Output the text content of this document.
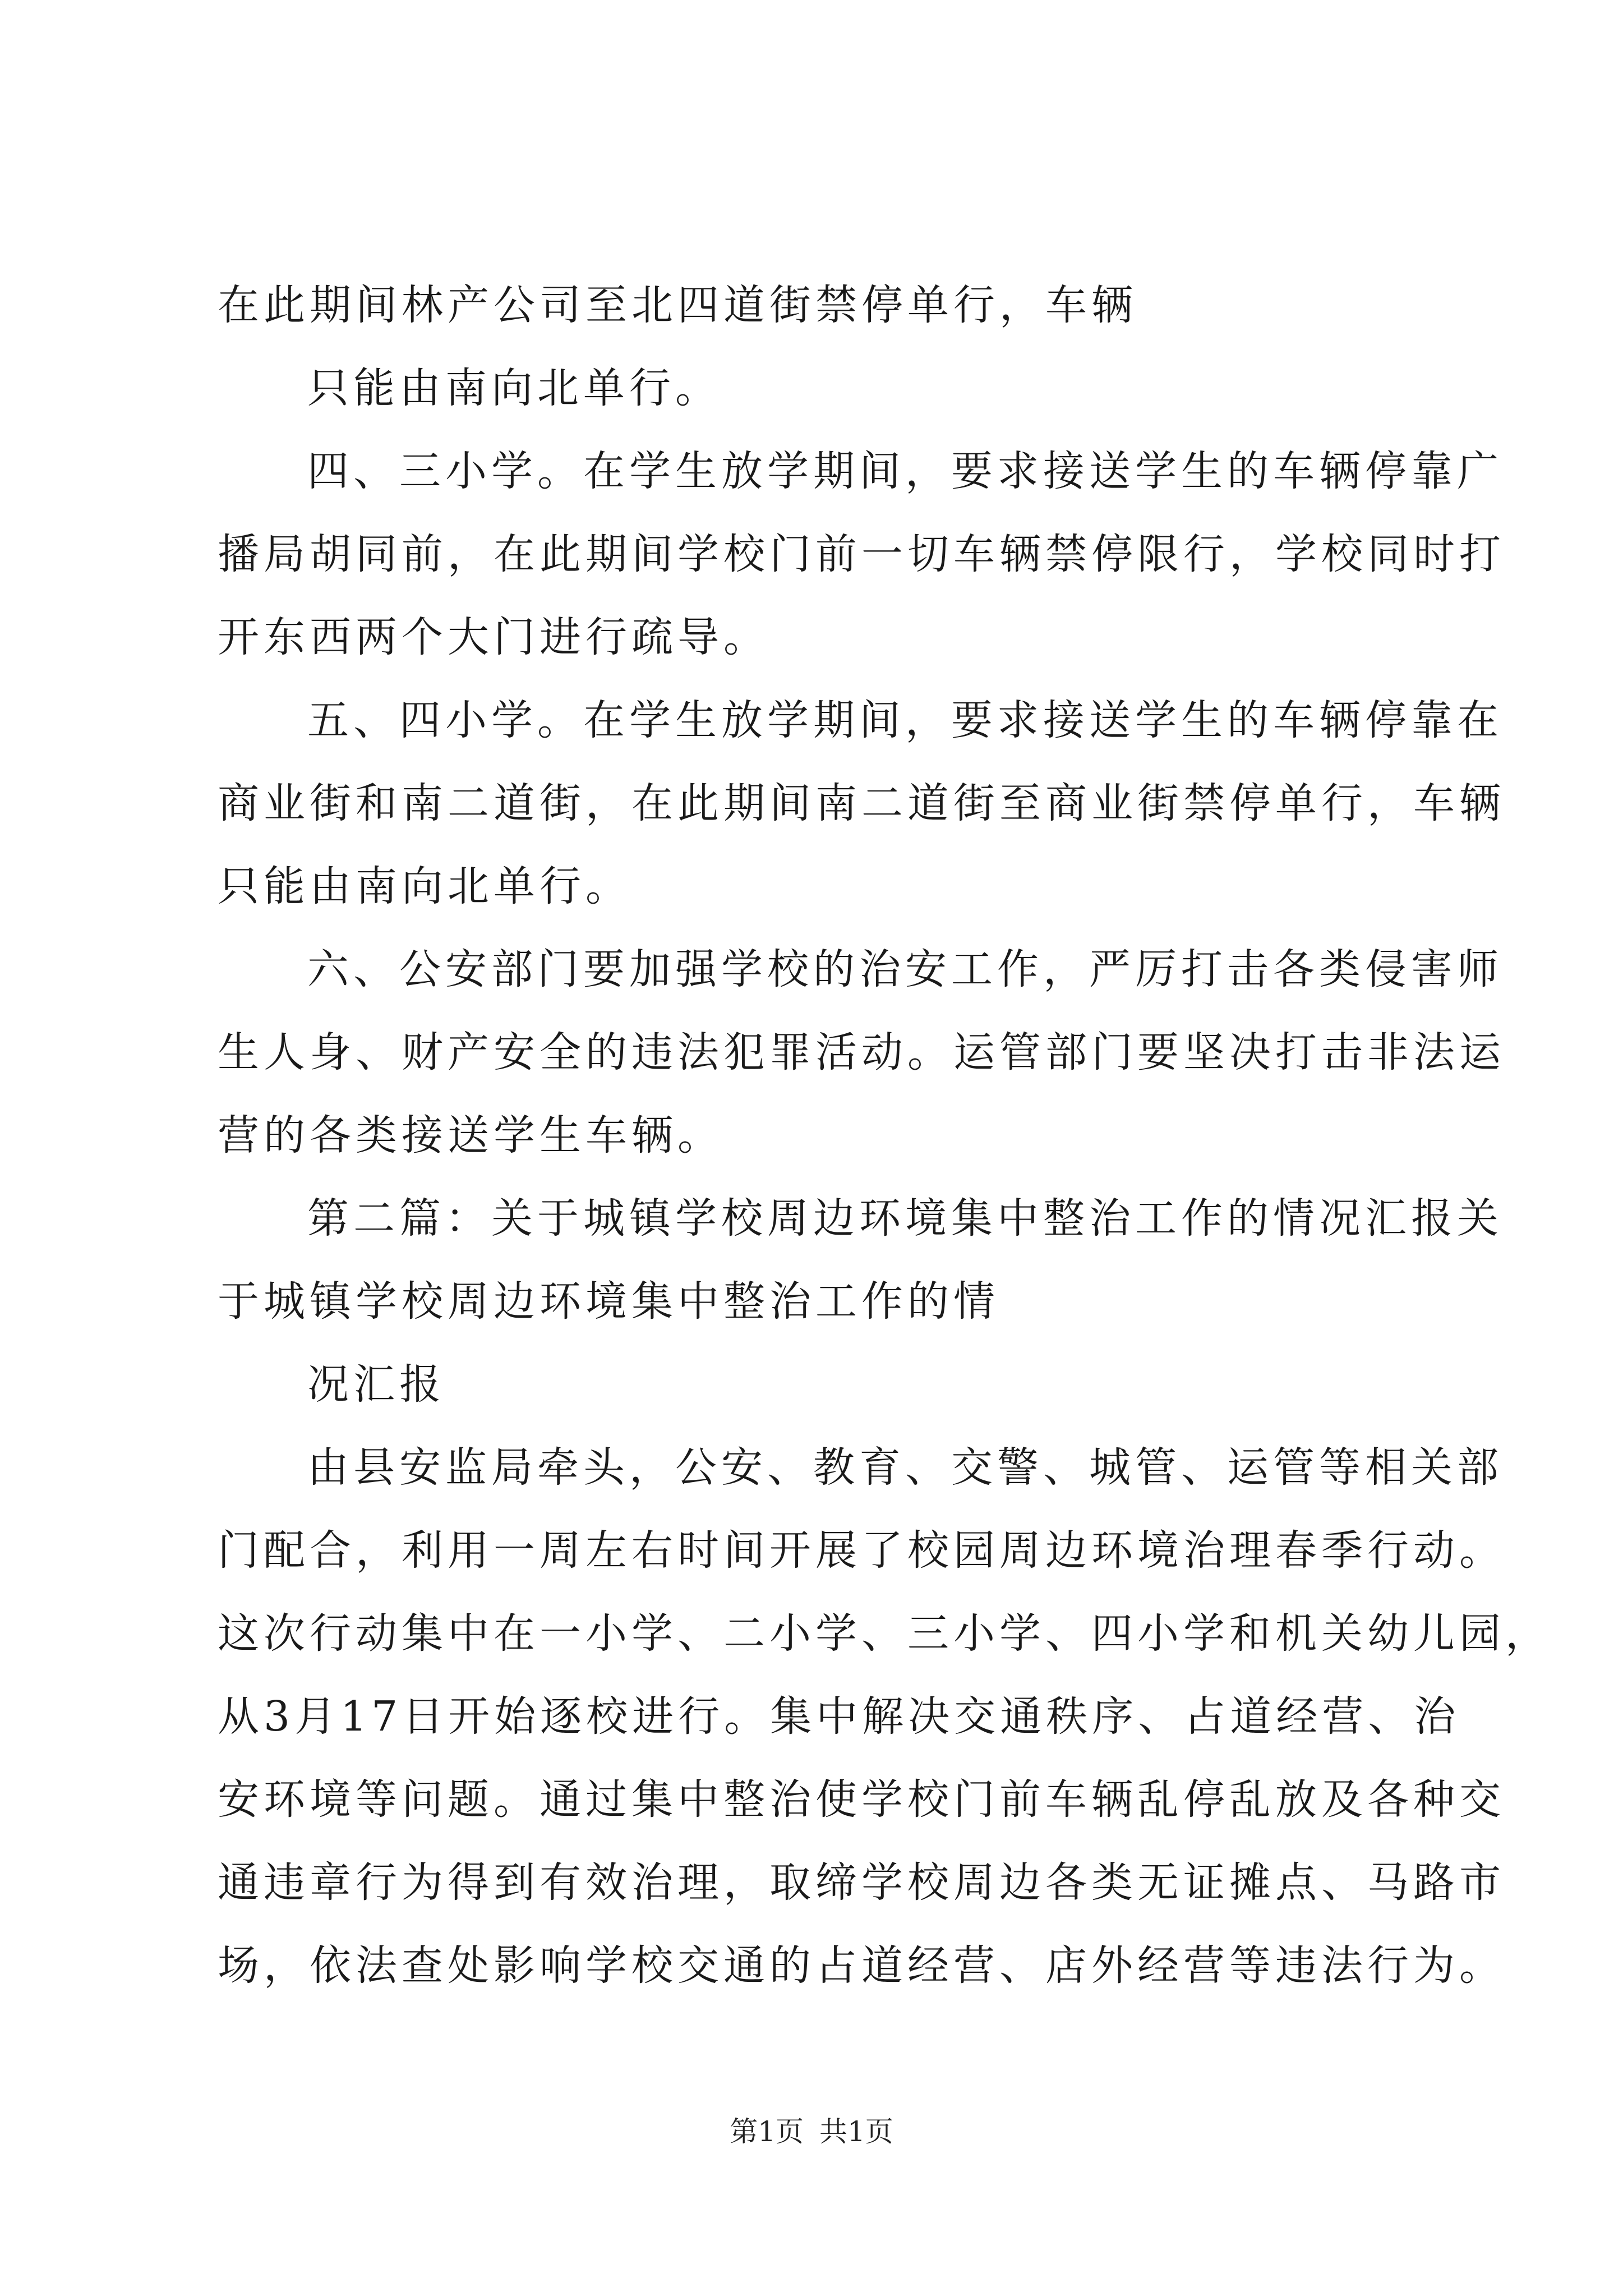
在此期间林产公司至北四道街禁停单行，车辆
只能由南向北单行。
四、三小学。在学生放学期间，要求接送学生的车辆停靠广
播局胡同前，在此期间学校门前一切车辆禁停限行，学校同时打
开东西两个大门进行疏导。
五、四小学。在学生放学期间，要求接送学生的车辆停靠在
商业街和南二道街，在此期间南二道街至商业街禁停单行，车辆
只能由南向北单行。
六、公安部门要加强学校的治安工作，严厉打击各类侵害师
生人身、财产安全的违法犯罪活动。运管部门要坚决打击非法运
营的各类接送学生车辆。
第二篇：关于城镇学校周边环境集中整治工作的情况汇报关
于城镇学校周边环境集中整治工作的情
况汇报
由县安监局牵头，公安、教育、交警、城管、运管等相关部
门配合，利用一周左右时间开展了校园周边环境治理春季行动。
这次行动集中在一小学、二小学、三小学、四小学和机关幼儿园，
从3月17日开始逐校进行。集中解决交通秩序、占道经营、治
安环境等问题。通过集中整治使学校门前车辆乱停乱放及各种交
通违章行为得到有效治理，取缔学校周边各类无证摊点、马路市
场，依法查处影响学校交通的占道经营、店外经营等违法行为。
第1页 共1页
